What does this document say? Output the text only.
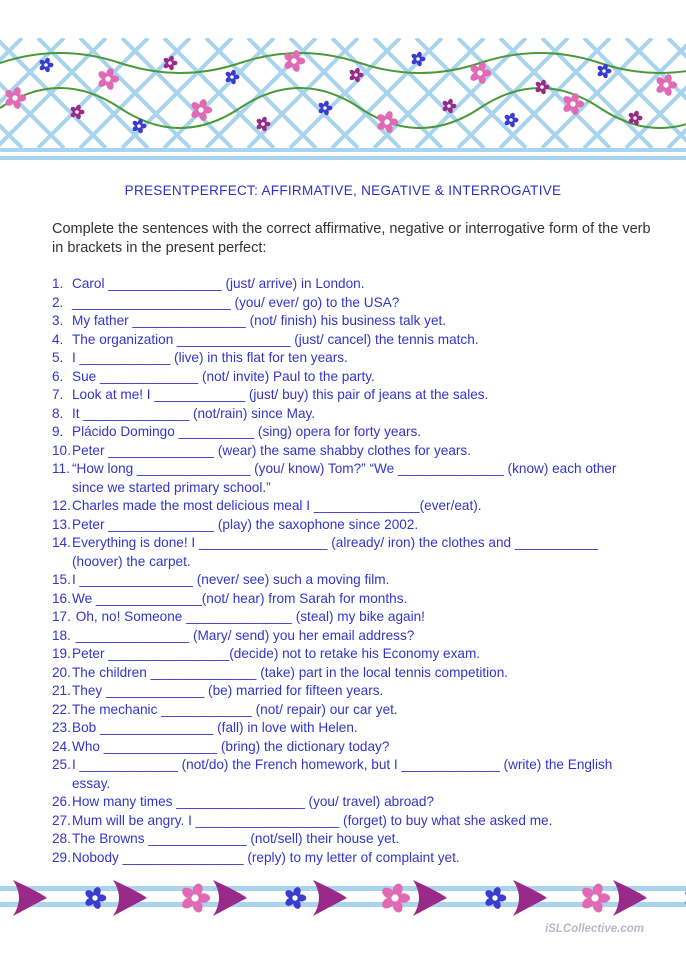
PRESENTPERFECT: AFFIRMATIVE, NEGATIVE & INTERROGATIVE
Complete the sentences with the correct affirmative, negative or interrogative form of the verb in brackets in the present perfect:
1. Carol _______________ (just/ arrive) in London.
2. _____________________ (you/ ever/ go) to the USA?
3. My father _______________ (not/ finish) his business talk yet.
4. The organization _______________ (just/ cancel) the tennis match.
5. I ____________ (live) in this flat for ten years.
6. Sue _____________ (not/ invite) Paul to the party.
7. Look at me! I ____________ (just/ buy) this pair of jeans at the sales.
8. It ______________ (not/rain) since May.
9. Plácido Domingo __________ (sing) opera for forty years.
10. Peter ______________ (wear) the same shabby clothes for years.
11. “How long _______________ (you/ know) Tom?” “We ______________ (know) each other
since we started primary school.”
12. Charles made the most delicious meal I ______________(ever/eat).
13. Peter ______________ (play) the saxophone since 2002.
14. Everything is done! I _________________ (already/ iron) the clothes and ___________
(hoover) the carpet.
15. I _______________ (never/ see) such a moving film.
16. We ______________(not/ hear) from Sarah for months.
17. Oh, no! Someone ______________ (steal) my bike again!
18. _______________ (Mary/ send) you her email address?
19. Peter ________________(decide) not to retake his Economy exam.
20. The children ______________ (take) part in the local tennis competition.
21. They _____________ (be) married for fifteen years.
22. The mechanic ____________ (not/ repair) our car yet.
23. Bob _______________ (fall) in love with Helen.
24. Who _______________ (bring) the dictionary today?
25. I _____________ (not/do) the French homework, but I _____________ (write) the English
essay.
26. How many times _________________ (you/ travel) abroad?
27. Mum will be angry. I ___________________ (forget) to buy what she asked me.
28. The Browns _____________ (not/sell) their house yet.
29. Nobody ________________ (reply) to my letter of complaint yet.
iSLCollective.com
